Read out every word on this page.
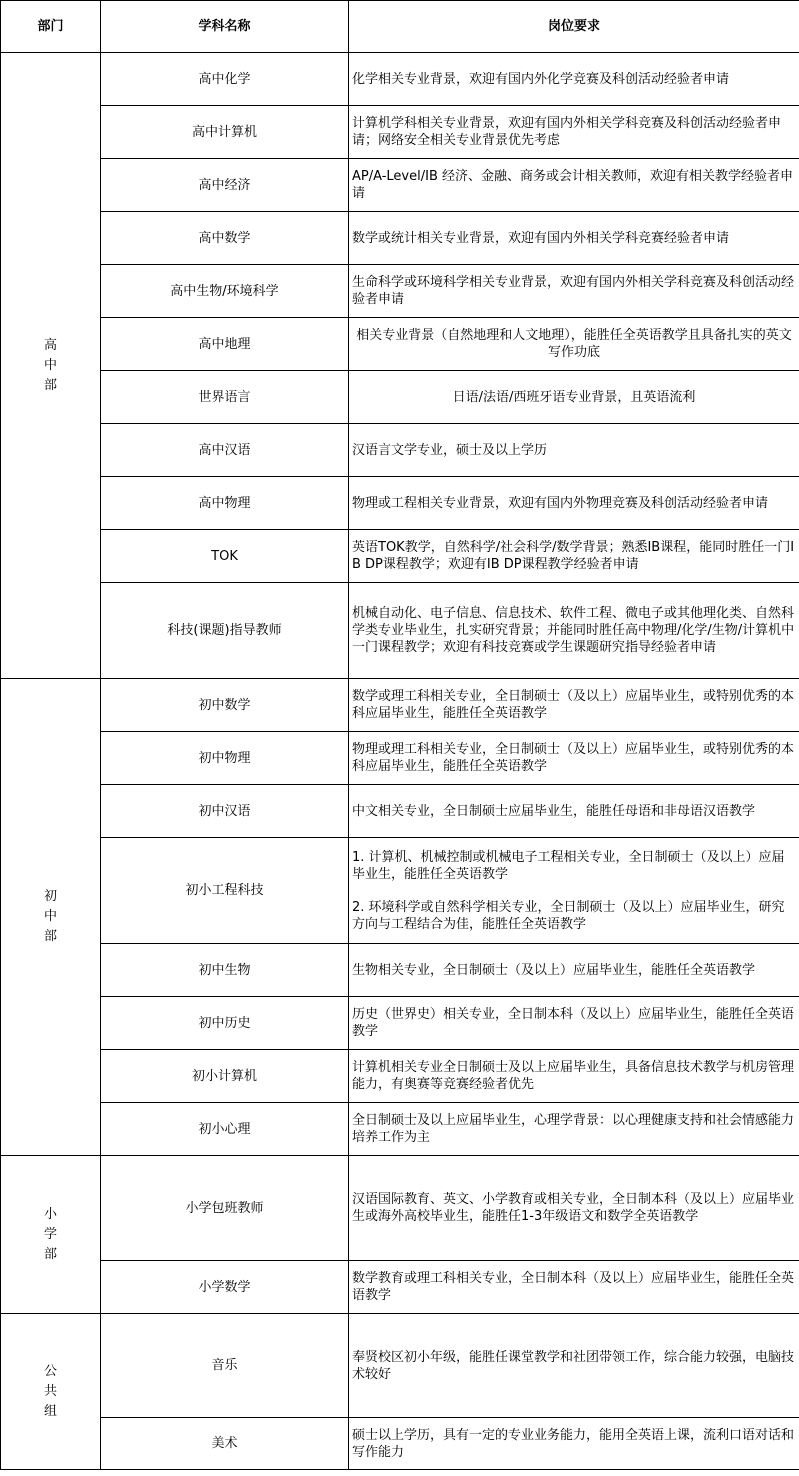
部门	学科名称	岗位要求
高中部	高中化学	化学相关专业背景，欢迎有国内外化学竞赛及科创活动经验者申请

	高中计算机	计算机学科相关专业背景，欢迎有国内外相关学科竞赛及科创活动经验者申请；网络安全相关专业背景优先考虑

	高中经济	AP/A-Level/IB 经济、金融、商务或会计相关教师，欢迎有相关教学经验者申请

	高中数学	数学或统计相关专业背景，欢迎有国内外相关学科竞赛经验者申请

	高中生物/环境科学	生命科学或环境科学相关专业背景，欢迎有国内外相关学科竞赛及科创活动经验者申请

	高中地理	相关专业背景（自然地理和人文地理），能胜任全英语教学且具备扎实的英文写作功底

	世界语言	日语/法语/西班牙语专业背景，且英语流利

	高中汉语	汉语言文学专业，硕士及以上学历

	高中物理	物理或工程相关专业背景，欢迎有国内外物理竞赛及科创活动经验者申请

	TOK	英语TOK教学，自然科学/社会科学/数学背景；熟悉IB课程，能同时胜任一门IB DP课程教学；欢迎有IB DP课程教学经验者申请

	科技(课题)指导教师	机械自动化、电子信息、信息技术、软件工程、微电子或其他理化类、自然科学类专业毕业生，扎实研究背景；并能同时胜任高中物理/化学/生物/计算机中一门课程教学；欢迎有科技竞赛或学生课题研究指导经验者申请

初中部	初中数学	数学或理工科相关专业，全日制硕士（及以上）应届毕业生，或特别优秀的本科应届毕业生，能胜任全英语教学

	初中物理	物理或理工科相关专业，全日制硕士（及以上）应届毕业生，或特别优秀的本科应届毕业生，能胜任全英语教学

	初中汉语	中文相关专业，全日制硕士应届毕业生，能胜任母语和非母语汉语教学

	初小工程科技	1. 计算机、机械控制或机械电子工程相关专业，全日制硕士（及以上）应届毕业生，能胜任全英语教学
2. 环境科学或自然科学相关专业，全日制硕士（及以上）应届毕业生，研究方向与工程结合为佳，能胜任全英语教学

	初中生物	生物相关专业，全日制硕士（及以上）应届毕业生，能胜任全英语教学

	初中历史	历史（世界史）相关专业，全日制本科（及以上）应届毕业生，能胜任全英语教学

	初小计算机	计算机相关专业全日制硕士及以上应届毕业生，具备信息技术教学与机房管理能力，有奥赛等竞赛经验者优先

	初小心理	全日制硕士及以上应届毕业生，心理学背景：以心理健康支持和社会情感能力培养工作为主

小学部	小学包班教师	汉语国际教育、英文、小学教育或相关专业，全日制本科（及以上）应届毕业生或海外高校毕业生，能胜任1-3年级语文和数学全英语教学

	小学数学	数学教育或理工科相关专业，全日制本科（及以上）应届毕业生，能胜任全英语教学

公共组	音乐	奉贤校区初小年级，能胜任课堂教学和社团带领工作，综合能力较强，电脑技术较好

	美术	硕士以上学历，具有一定的专业业务能力，能用全英语上课，流利口语对话和写作能力
